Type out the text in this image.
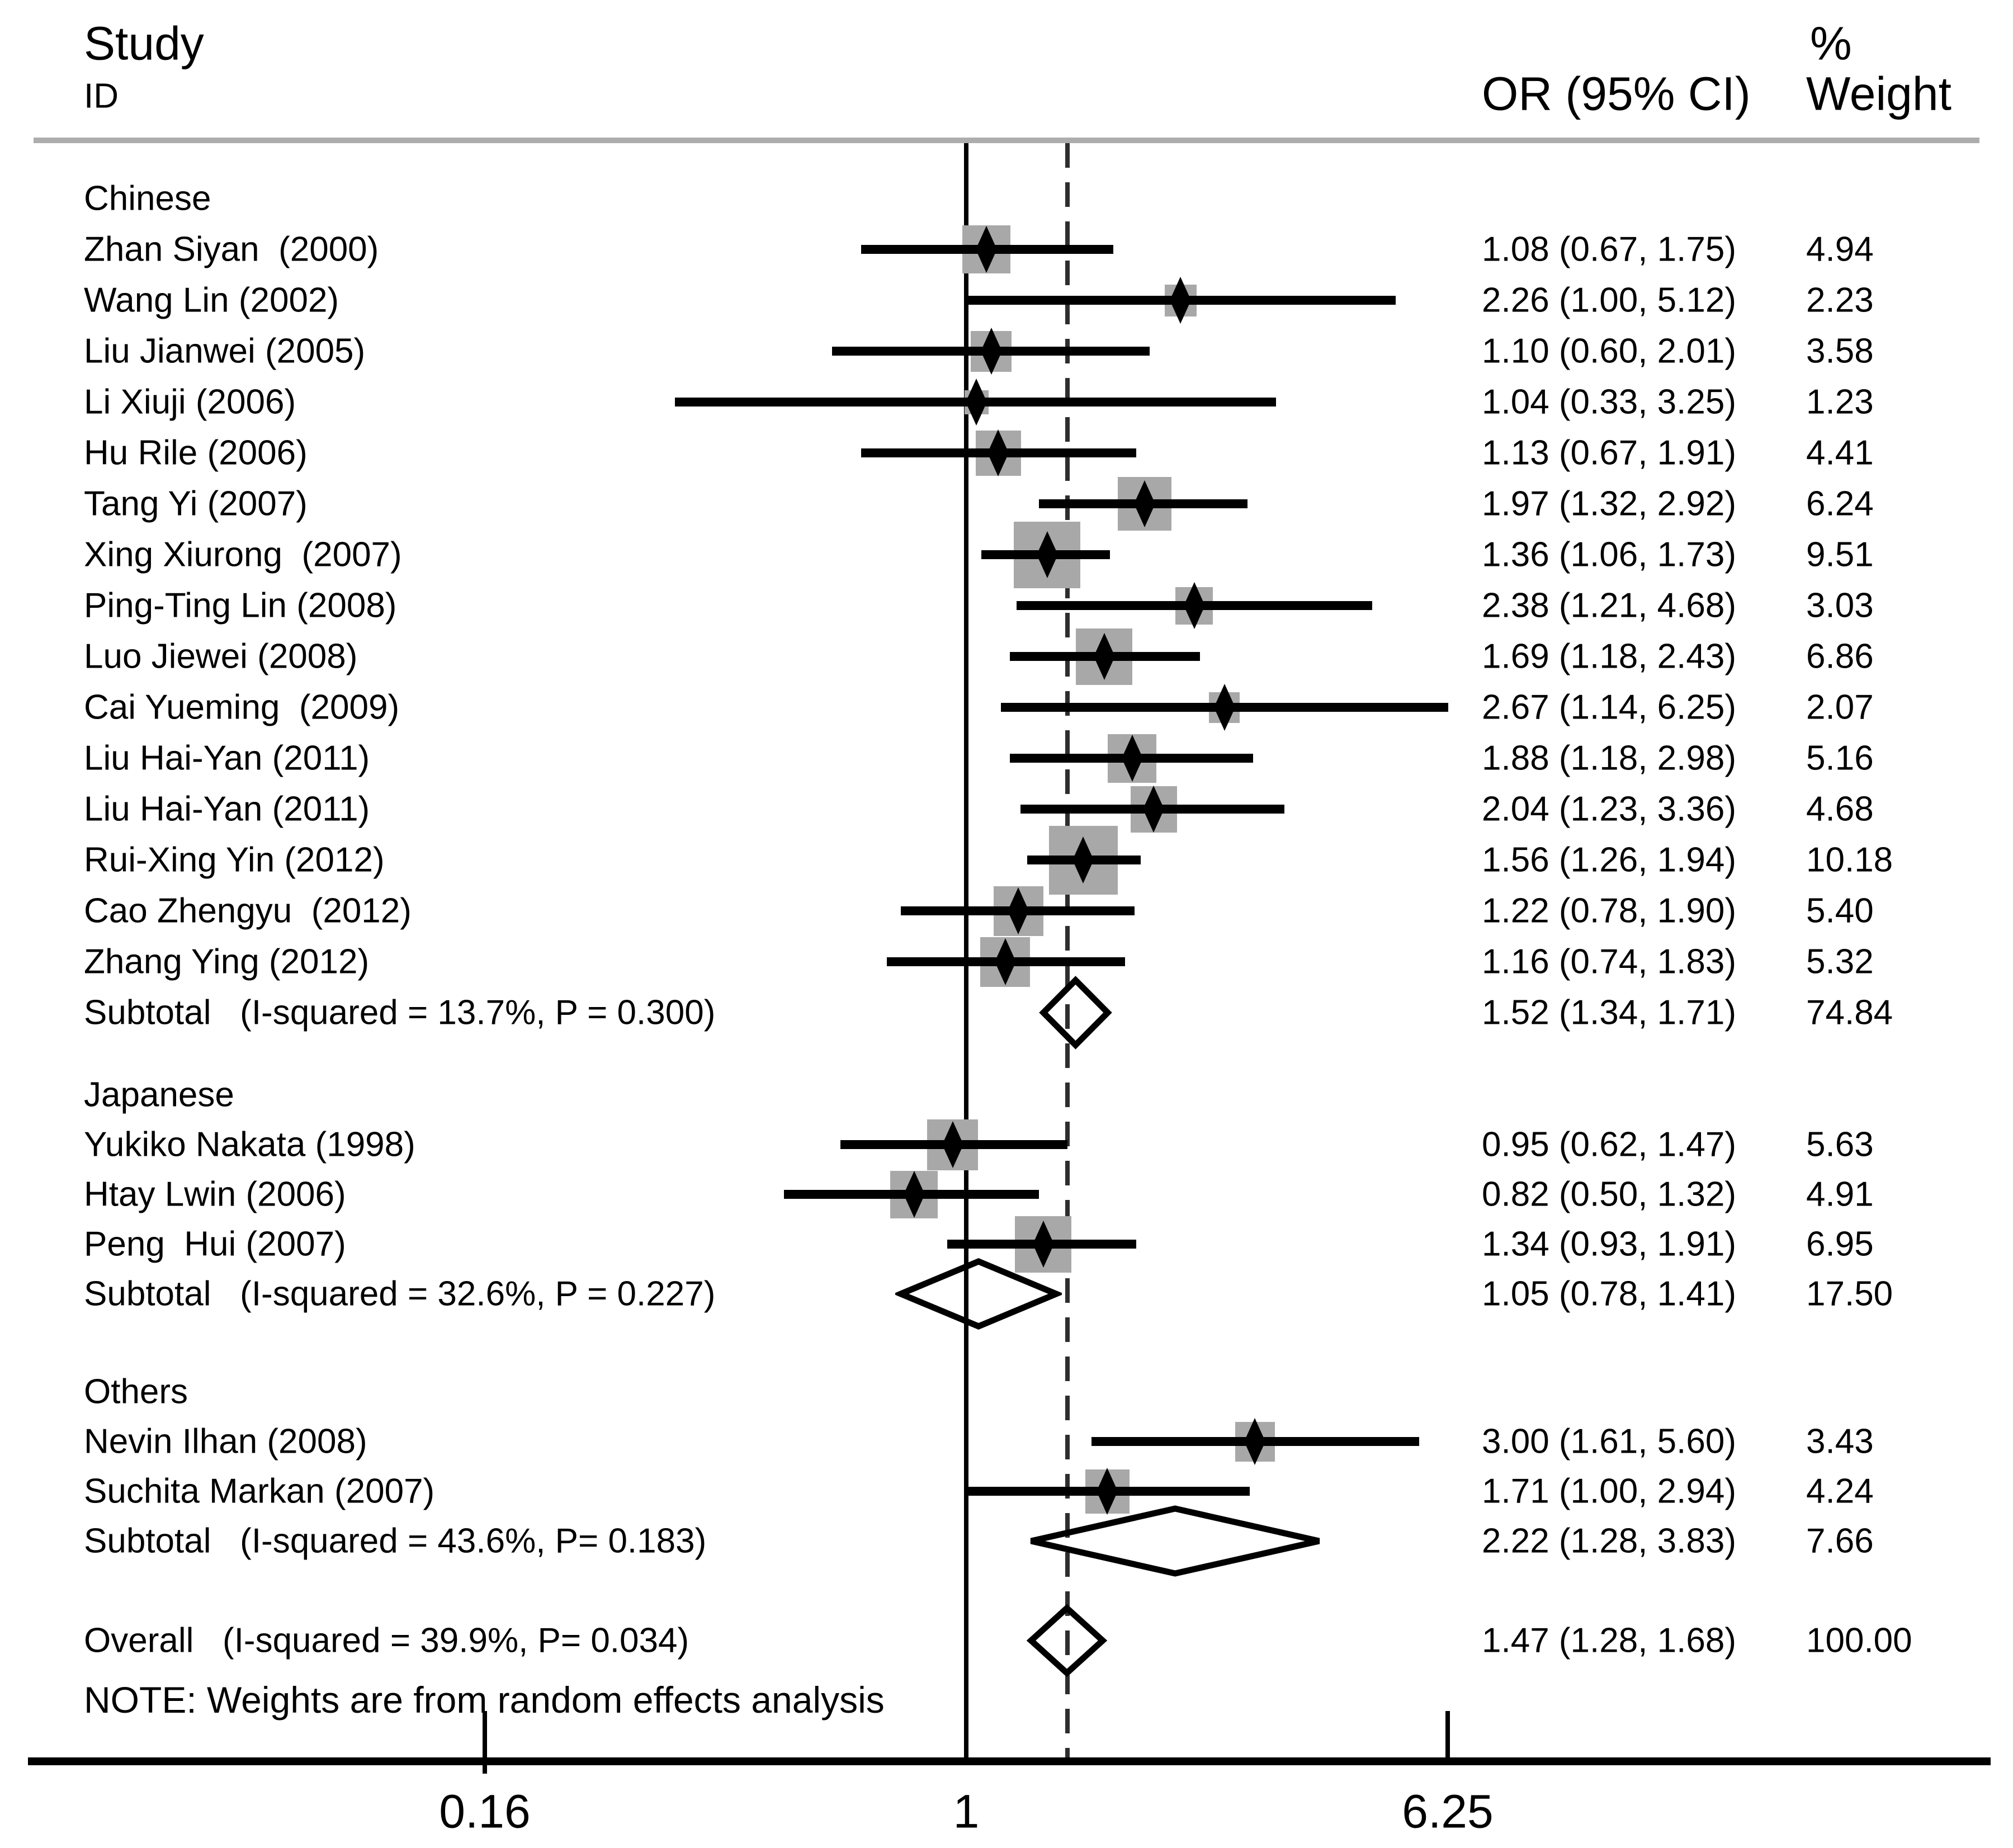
Study
ID	OR (95% CI)
%
Weight
NOTE: Weights are from random effects analysis
Chinese
Zhan Siyan  (2000)	1.08 (0.67, 1.75) 4.94
Wang Lin (2002)	2.26 (1.00, 5.12) 2.23
Liu Jianwei (2005)	1.10 (0.60, 2.01) 3.58
Li Xiuji (2006)	1.04 (0.33, 3.25) 1.23
Hu Rile (2006)	1.13 (0.67, 1.91) 4.41
Tang Yi (2007)	1.97 (1.32, 2.92) 6.24
Xing Xiurong  (2007)	1.36 (1.06, 1.73) 9.51
Ping-Ting Lin (2008)	2.38 (1.21, 4.68) 3.03
Luo Jiewei (2008)	1.69 (1.18, 2.43) 6.86
Cai Yueming  (2009)	2.67 (1.14, 6.25) 2.07
Liu Hai-Yan (2011)	1.88 (1.18, 2.98) 5.16
Liu Hai-Yan (2011)	2.04 (1.23, 3.36) 4.68
Rui-Xing Yin (2012)	1.56 (1.26, 1.94) 10.18
Cao Zhengyu  (2012)	1.22 (0.78, 1.90) 5.40
Zhang Ying (2012)	1.16 (0.74, 1.83) 5.32
Subtotal   (I-squared = 13.7%, P = 0.300)	1.52 (1.34, 1.71) 74.84
Japanese
Yukiko Nakata (1998)	0.95 (0.62, 1.47) 5.63
Htay Lwin (2006)	0.82 (0.50, 1.32) 4.91
Peng  Hui (2007)	1.34 (0.93, 1.91) 6.95
Subtotal   (I-squared = 32.6%, P = 0.227)	1.05 (0.78, 1.41) 17.50
Others
Nevin Ilhan (2008)	3.00 (1.61, 5.60) 3.43
Suchita Markan (2007)	1.71 (1.00, 2.94) 4.24
Subtotal   (I-squared = 43.6%, P= 0.183)	2.22 (1.28, 3.83) 7.66
Overall   (I-squared = 39.9%, P= 0.034)	1.47 (1.28, 1.68) 100.00
0.16	1	6.25
